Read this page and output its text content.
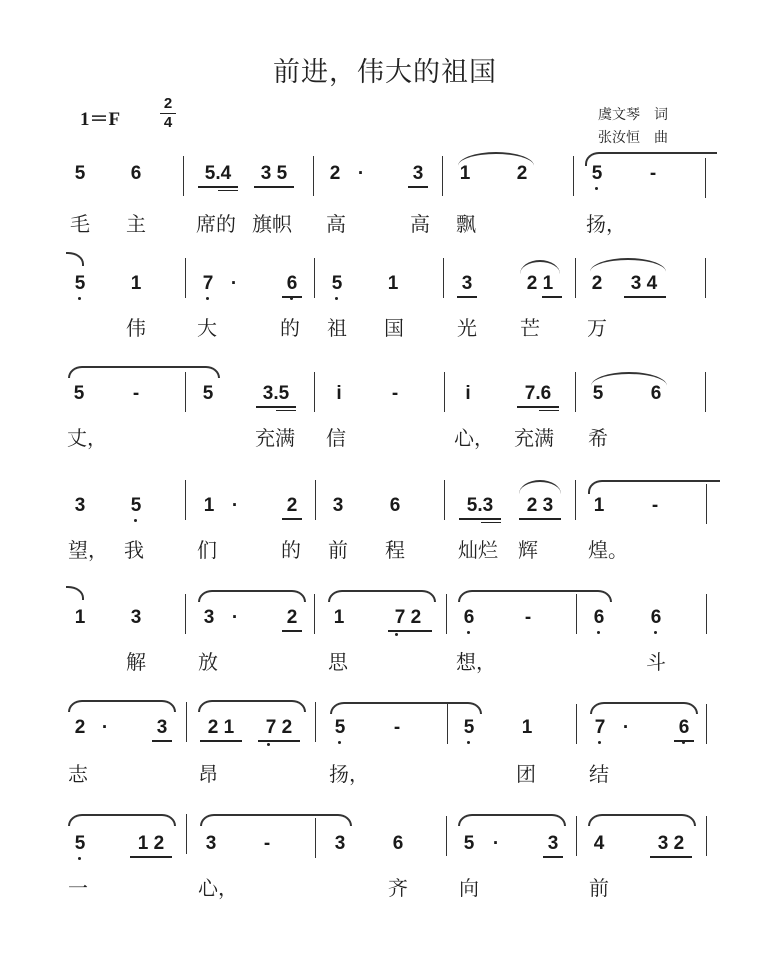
前进，伟大的祖国
1＝F
2
4	虞文琴 词
张汝恒 曲
5 6	5.4	3 5	2 ·	3 1 2	5	-
毛 主	席的 旗帜 高	高 飘	扬，
5 1	7 ·	6 5 1	3	2 1	2	3 4
伟	大	的 祖 国	光 芒 万
5	-	5	3.5	i	-	i	7.6	5 6
丈，	充满 信	心， 充满 希
3 5	1 ·	2 3 6	5.3	2 3	1	-
望， 我	们	的 前 程	灿烂 辉	煌。
1 3	3 ·	2 1	7 2	6	-	6 6
解	放	思	想，	斗
2 ·	3	2 1	7 2	5	-	5 1	7 ·	6
志	昂	扬，	团	结
5	1 2	3	-	3 6	5 ·	3 4	3 2
一	心，	齐	向	前
